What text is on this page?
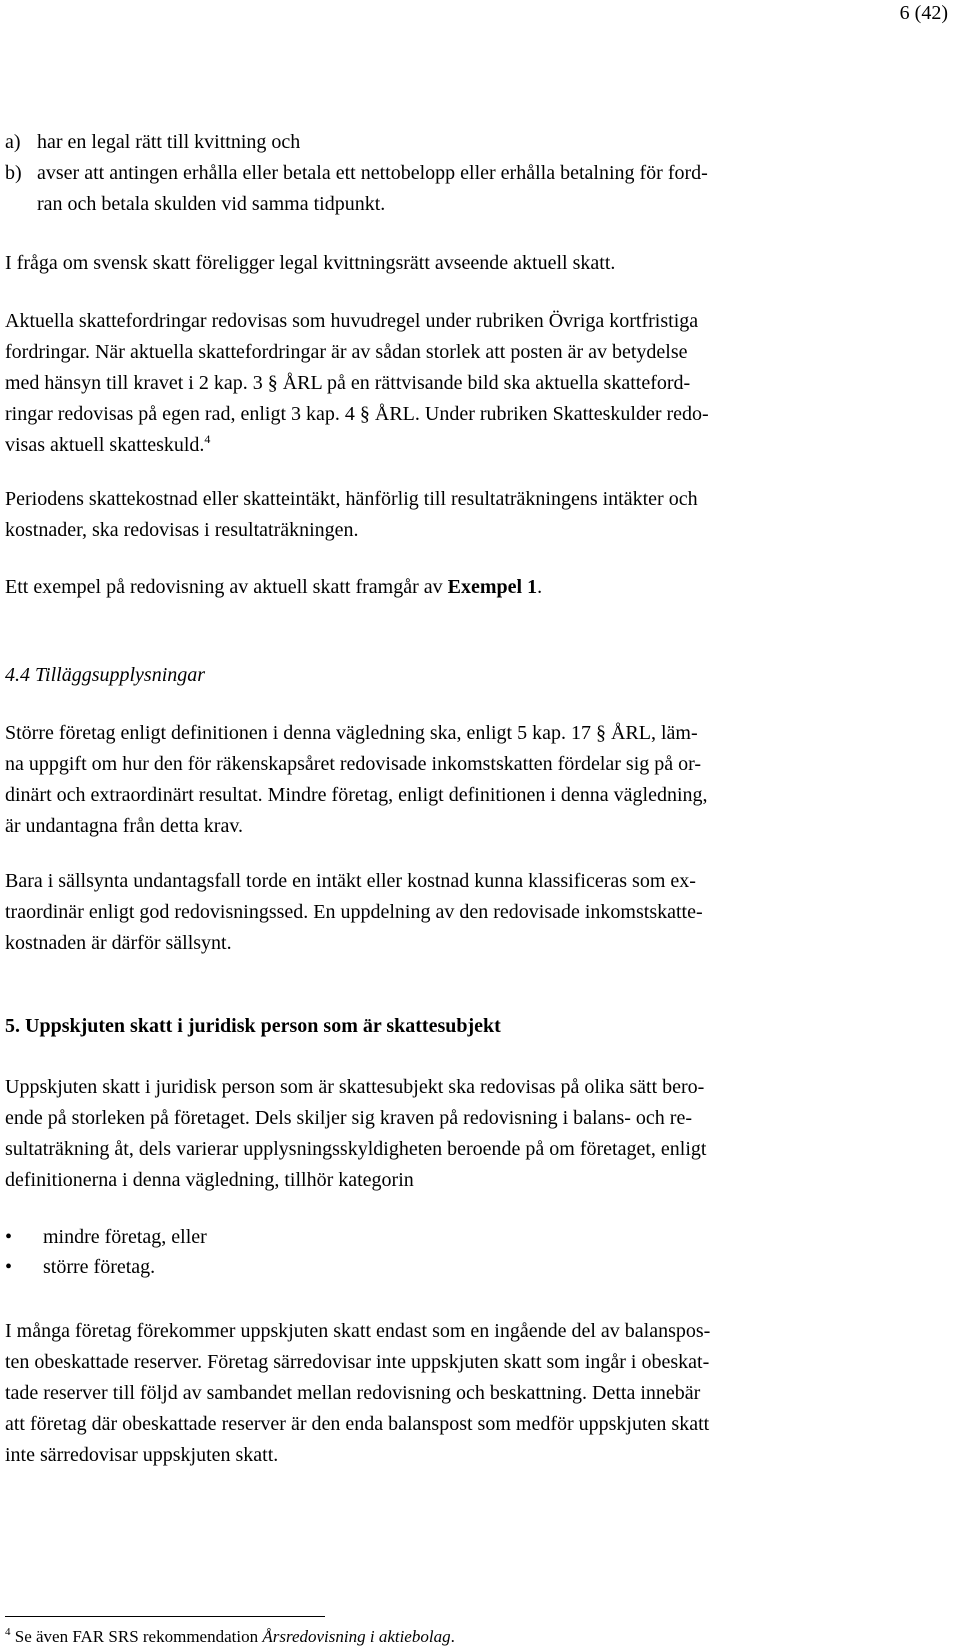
6 (42)
a) har en legal rätt till kvittning och
b) avser att antingen erhålla eller betala ett nettobelopp eller erhålla betalning för ford-
ran och betala skulden vid samma tidpunkt.
I fråga om svensk skatt föreligger legal kvittningsrätt avseende aktuell skatt.
Aktuella skattefordringar redovisas som huvudregel under rubriken Övriga kortfristiga
fordringar. När aktuella skattefordringar är av sådan storlek att posten är av betydelse
med hänsyn till kravet i 2 kap. 3 § ÅRL på en rättvisande bild ska aktuella skatteford-
ringar redovisas på egen rad, enligt 3 kap. 4 § ÅRL. Under rubriken Skatteskulder redo-
visas aktuell skatteskuld.$^4$
Periodens skattekostnad eller skatteintäkt, hänförlig till resultaträkningens intäkter och
kostnader, ska redovisas i resultaträkningen.
Ett exempel på redovisning av aktuell skatt framgår av Exempel 1.
4.4 Tilläggsupplysningar
Större företag enligt definitionen i denna vägledning ska, enligt 5 kap. 17 § ÅRL, läm-
na uppgift om hur den för räkenskapsåret redovisade inkomstskatten fördelar sig på or-
dinärt och extraordinärt resultat. Mindre företag, enligt definitionen i denna vägledning,
är undantagna från detta krav.
Bara i sällsynta undantagsfall torde en intäkt eller kostnad kunna klassificeras som ex-
traordinär enligt god redovisningssed. En uppdelning av den redovisade inkomstskatte-
kostnaden är därför sällsynt.
5. Uppskjuten skatt i juridisk person som är skattesubjekt
Uppskjuten skatt i juridisk person som är skattesubjekt ska redovisas på olika sätt bero-
ende på storleken på företaget. Dels skiljer sig kraven på redovisning i balans- och re-
sultaträkning åt, dels varierar upplysningsskyldigheten beroende på om företaget, enligt
definitionerna i denna vägledning, tillhör kategorin
• mindre företag, eller
• större företag.
I många företag förekommer uppskjuten skatt endast som en ingående del av balanspos-
ten obeskattade reserver. Företag särredovisar inte uppskjuten skatt som ingår i obeskat-
tade reserver till följd av sambandet mellan redovisning och beskattning. Detta innebär
att företag där obeskattade reserver är den enda balanspost som medför uppskjuten skatt
inte särredovisar uppskjuten skatt.
$^4$ Se även FAR SRS rekommendation Årsredovisning i aktiebolag.
